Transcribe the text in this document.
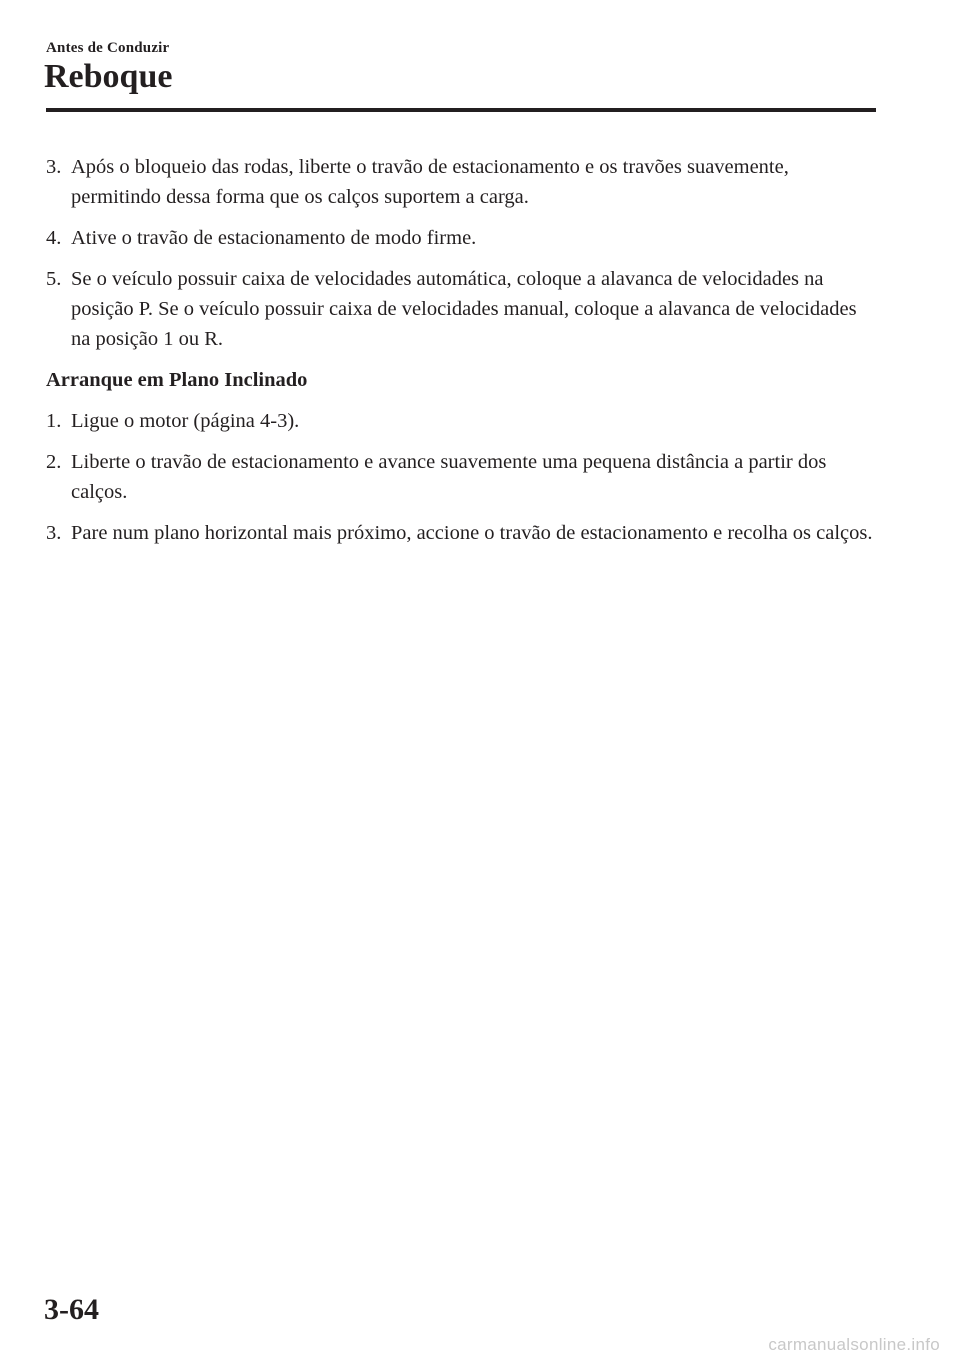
Antes de Conduzir
Reboque
3. Após o bloqueio das rodas, liberte o travão de estacionamento e os travões suavemente, permitindo dessa forma que os calços suportem a carga.
4. Ative o travão de estacionamento de modo firme.
5. Se o veículo possuir caixa de velocidades automática, coloque a alavanca de velocidades na posição P. Se o veículo possuir caixa de velocidades manual, coloque a alavanca de velocidades na posição 1 ou R.
Arranque em Plano Inclinado
1. Ligue o motor (página 4-3).
2. Liberte o travão de estacionamento e avance suavemente uma pequena distância a partir dos calços.
3. Pare num plano horizontal mais próximo, accione o travão de estacionamento e recolha os calços.
3-64
carmanualsonline.info
